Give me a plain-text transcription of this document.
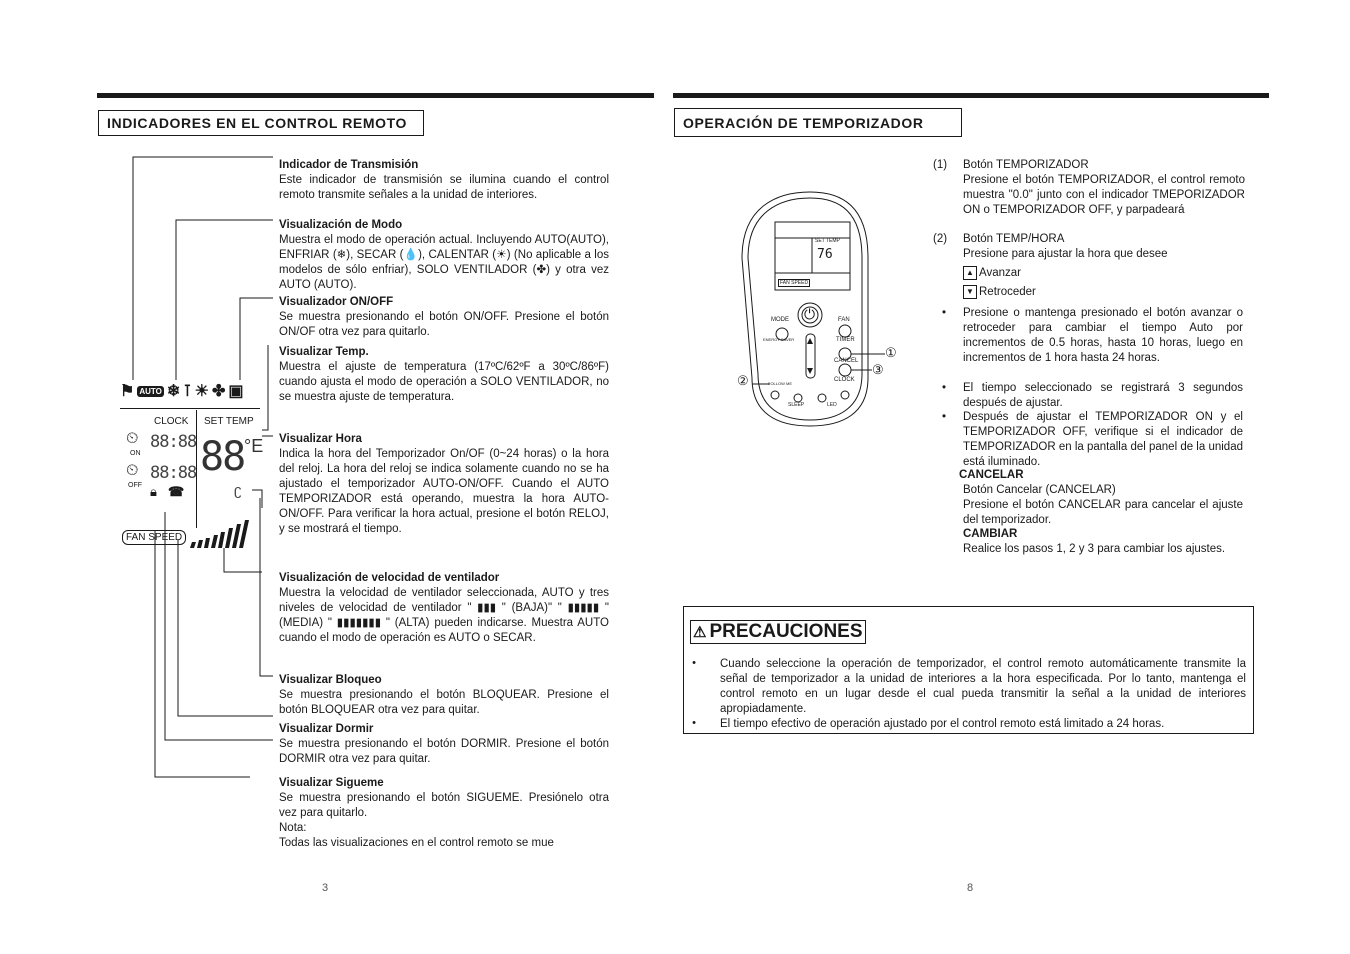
INDICADORES EN EL CONTROL REMOTO
⚑ AUTO ❄ ⊺ ☀ ✤ ▣
CLOCK SET TEMP
⏲
ON
88:88
⏲
OFF
88:88 88 °E
🔒︎ ☎	ʗ
FAN SPEED
Indicador de Transmisión
Este indicador de transmisión se ilumina cuando el control remoto transmite señales a la unidad de interiores.
Visualización de Modo
Muestra el modo de operación actual. Incluyendo AUTO(AUTO), ENFRIAR (❄), SECAR (💧), CALENTAR (☀) (No aplicable a los modelos de sólo enfriar), SOLO VENTILADOR (✤) y otra vez AUTO (AUTO).
Visualizador ON/OFF
Se muestra presionando el botón ON/OFF. Presione el botón ON/OF otra vez para quitarlo.
Visualizar Temp.
Muestra el ajuste de temperatura (17ºC/62ºF a 30ºC/86ºF) cuando ajusta el modo de operación a SOLO VENTILADOR, no se muestra ajuste de temperatura.
Visualizar Hora
Indica la hora del Temporizador On/OF (0~24 horas) o la hora del reloj. La hora del reloj se indica solamente cuando no se ha ajustado el temporizador AUTO-ON/OFF. Cuando el AUTO TEMPORIZADOR está operando, muestra la hora AUTO-ON/OFF. Para verificar la hora actual, presione el botón RELOJ, y se mostrará el tiempo.
Visualización de velocidad de ventilador
Muestra la velocidad de ventilador seleccionada, AUTO y tres niveles de velocidad de ventilador " ▮▮▮ " (BAJA)" " ▮▮▮▮▮ " (MEDIA) " ▮▮▮▮▮▮▮ " (ALTA) pueden indicarse. Muestra AUTO cuando el modo de operación es AUTO o SECAR.
Visualizar Bloqueo
Se muestra presionando el botón BLOQUEAR. Presione el botón BLOQUEAR otra vez para quitar.
Visualizar Dormir
Se muestra presionando el botón DORMIR. Presione el botón DORMIR otra vez para quitar.
Visualizar Sigueme
Se muestra presionando el botón SIGUEME. Presiónelo otra vez para quitarlo.
Nota:
Todas las visualizaciones en el control remoto se mue
3
OPERACIÓN DE TEMPORIZADOR
SET TEMP
76
FAN SPEED
MODE	FAN
⏻
ENERGY SAVER	TIMER
CANCEL
CLOCK
FOLLOW ME
SLEEP	LED
①
③
②
(1)	Botón TEMPORIZADOR
Presione el botón TEMPORIZADOR, el control remoto muestra "0.0" junto con el indicador TMEPORIZADOR ON o TEMPORIZADOR OFF, y parpadeará
(2)	Botón TEMP/HORA
Presione para ajustar la hora que desee
▲ Avanzar
▼ Retroceder
• Presione o mantenga presionado el botón avanzar o retroceder para cambiar el tiempo Auto por incrementos de 0.5 horas, hasta 10 horas, luego en incrementos de 1 hora hasta 24 horas.
• El tiempo seleccionado se registrará 3 segundos después de ajustar.
• Después de ajustar el TEMPORIZADOR ON y el TEMPORIZADOR OFF, verifique si el indicador de TEMPORIZADOR en la pantalla del panel de la unidad está iluminado.
CANCELAR
Botón Cancelar (CANCELAR)
Presione el botón CANCELAR para cancelar el ajuste del temporizador.
CAMBIAR
Realice los pasos 1, 2 y 3 para cambiar los ajustes.
⚠ PRECAUCIONES
• Cuando seleccione la operación de temporizador, el control remoto automáticamente transmite la señal de temporizador a la unidad de interiores a la hora especificada. Por lo tanto, mantenga el control remoto en un lugar desde el cual pueda transmitir la señal a la unidad de interiores apropiadamente.
• El tiempo efectivo de operación ajustado por el control remoto está limitado a 24 horas.
8
